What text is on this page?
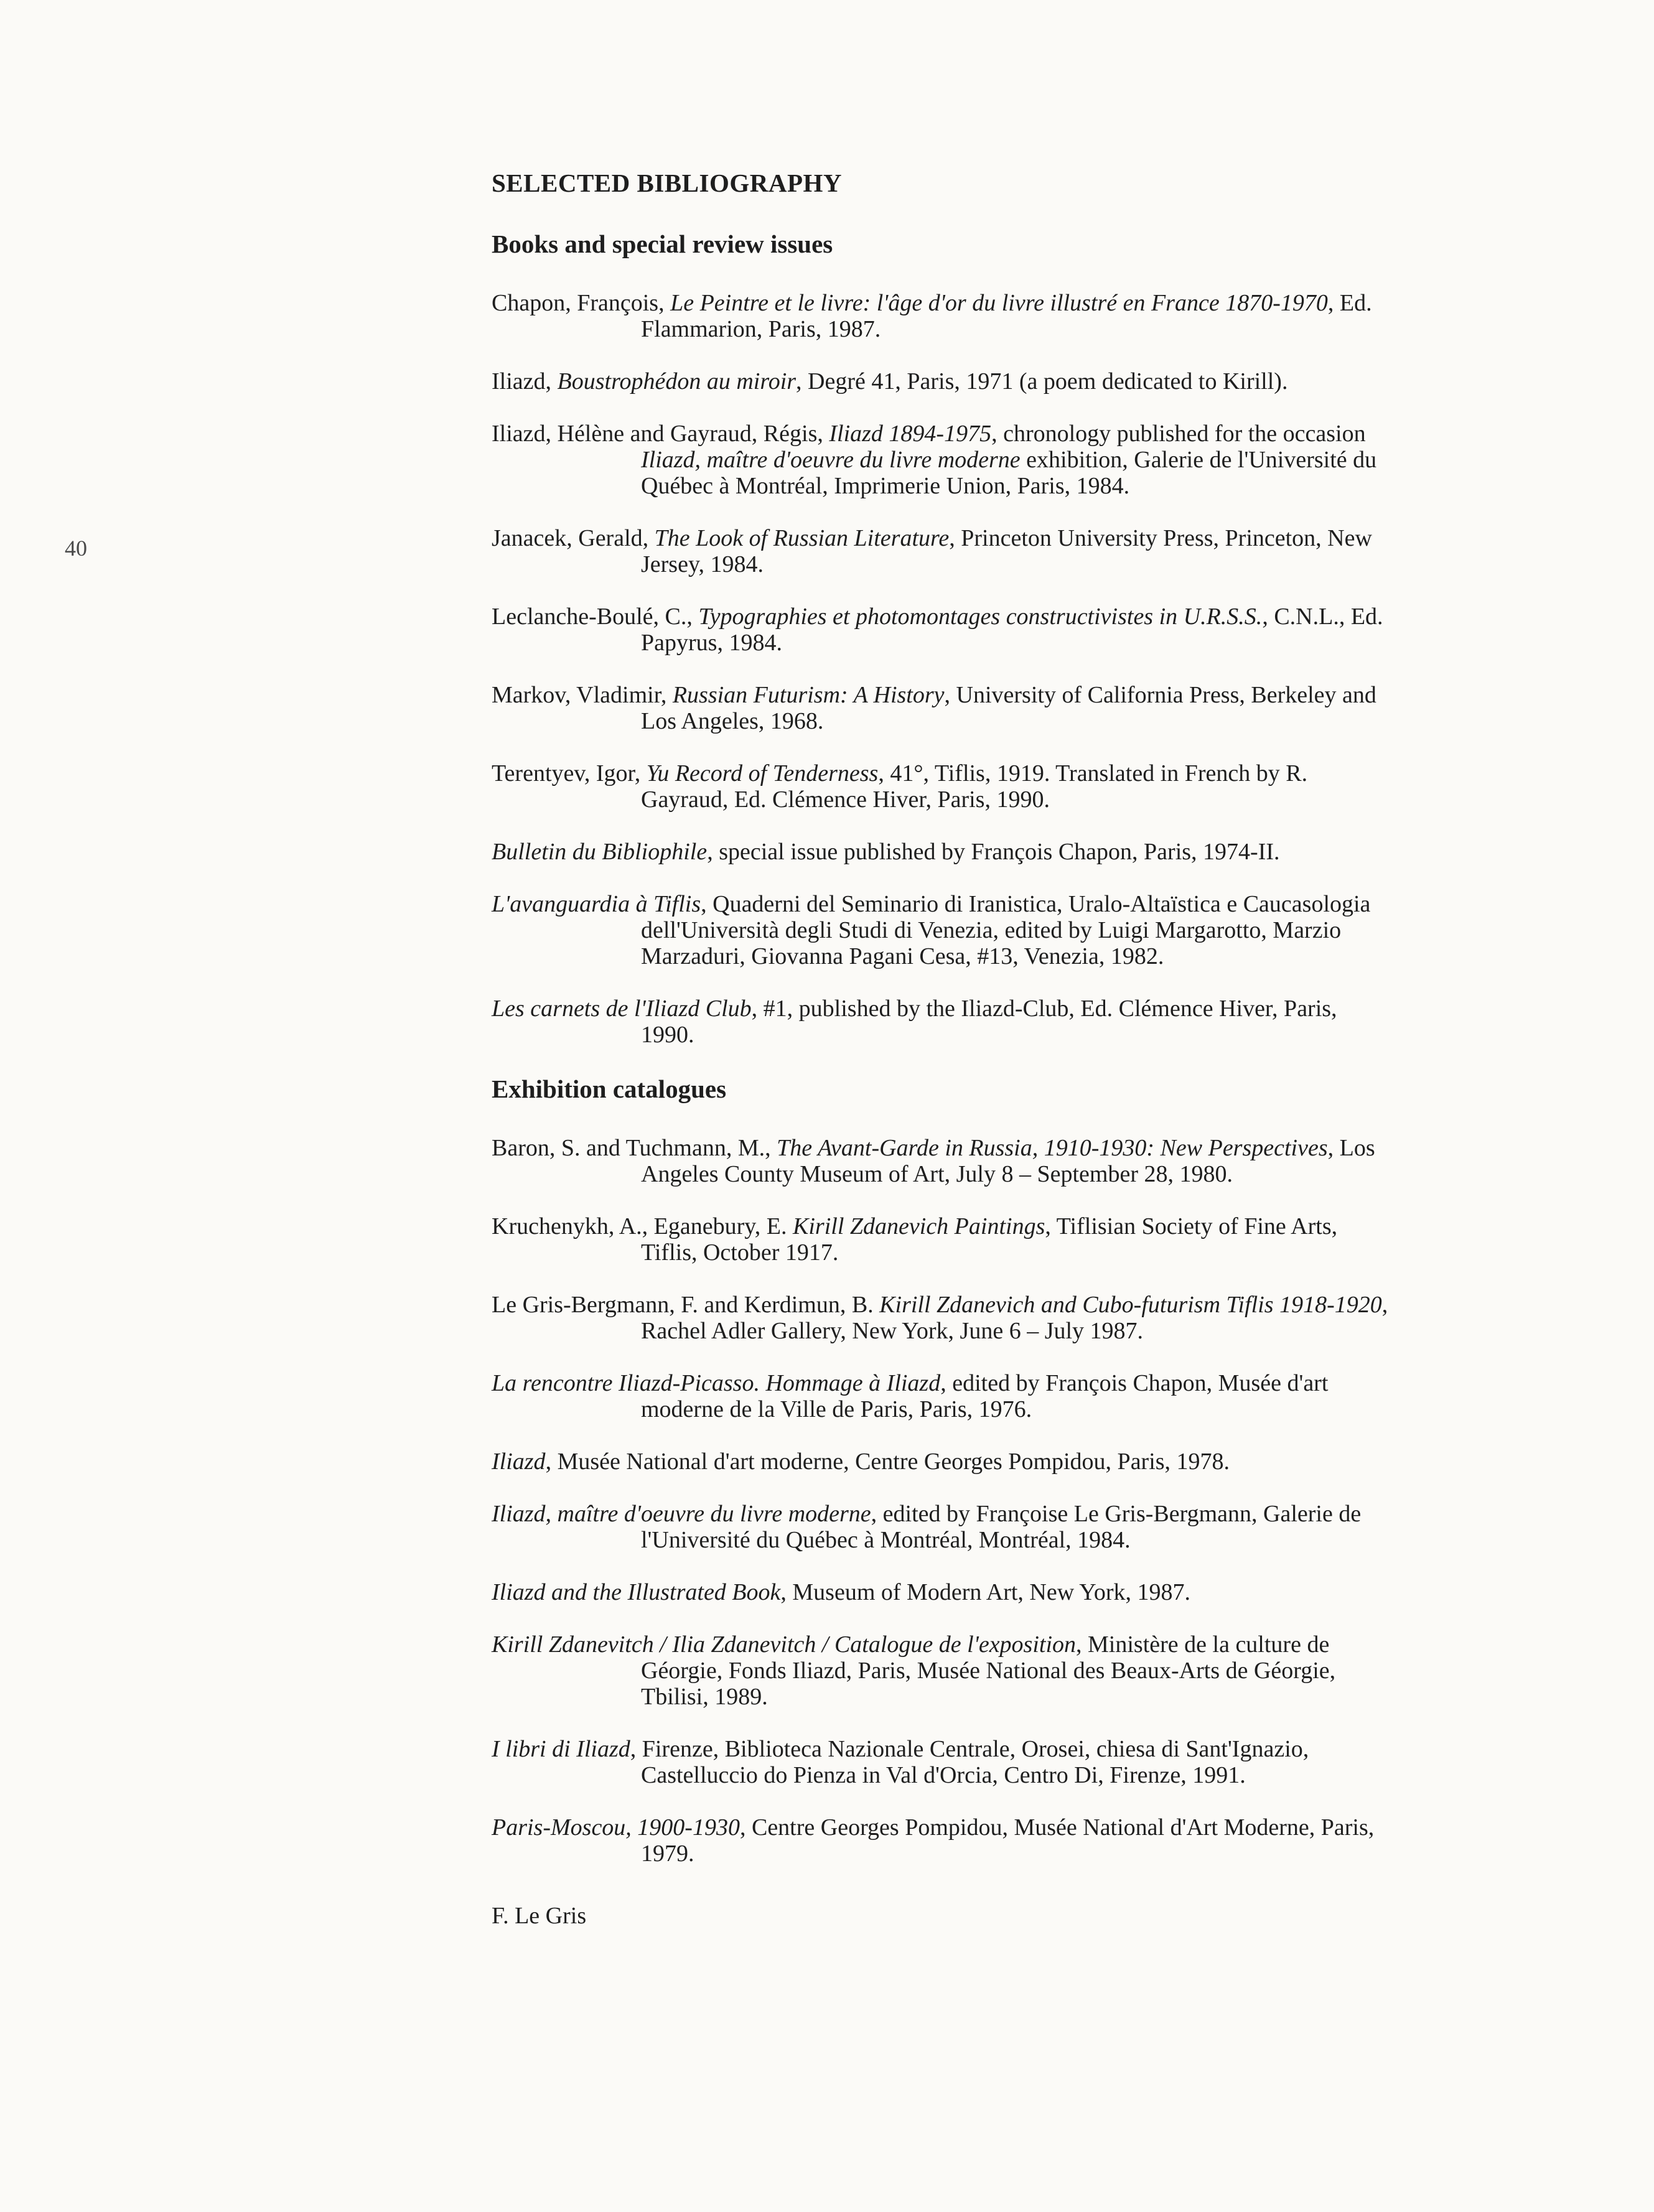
40
SELECTED BIBLIOGRAPHY
Books and special review issues
Chapon, François, Le Peintre et le livre: l'âge d'or du livre illustré en France 1870-1970, Ed. Flammarion, Paris, 1987.
Iliazd, Boustrophédon au miroir, Degré 41, Paris, 1971 (a poem dedicated to Kirill).
Iliazd, Hélène and Gayraud, Régis, Iliazd 1894-1975, chronology published for the occasion Iliazd, maître d'oeuvre du livre moderne exhibition, Galerie de l'Université du Québec à Montréal, Imprimerie Union, Paris, 1984.
Janacek, Gerald, The Look of Russian Literature, Princeton University Press, Princeton, New Jersey, 1984.
Leclanche-Boulé, C., Typographies et photomontages constructivistes in U.R.S.S., C.N.L., Ed. Papyrus, 1984.
Markov, Vladimir, Russian Futurism: A History, University of California Press, Berkeley and Los Angeles, 1968.
Terentyev, Igor, Yu Record of Tenderness, 41°, Tiflis, 1919. Translated in French by R. Gayraud, Ed. Clémence Hiver, Paris, 1990.
Bulletin du Bibliophile, special issue published by François Chapon, Paris, 1974-II.
L'avanguardia à Tiflis, Quaderni del Seminario di Iranistica, Uralo-Altaïstica e Caucasologia dell'Università degli Studi di Venezia, edited by Luigi Margarotto, Marzio Marzaduri, Giovanna Pagani Cesa, #13, Venezia, 1982.
Les carnets de l'Iliazd Club, #1, published by the Iliazd-Club, Ed. Clémence Hiver, Paris, 1990.
Exhibition catalogues
Baron, S. and Tuchmann, M., The Avant-Garde in Russia, 1910-1930: New Perspectives, Los Angeles County Museum of Art, July 8 – September 28, 1980.
Kruchenykh, A., Eganebury, E. Kirill Zdanevich Paintings, Tiflisian Society of Fine Arts, Tiflis, October 1917.
Le Gris-Bergmann, F. and Kerdimun, B. Kirill Zdanevich and Cubo-futurism Tiflis 1918-1920, Rachel Adler Gallery, New York, June 6 – July 1987.
La rencontre Iliazd-Picasso. Hommage à Iliazd, edited by François Chapon, Musée d'art moderne de la Ville de Paris, Paris, 1976.
Iliazd, Musée National d'art moderne, Centre Georges Pompidou, Paris, 1978.
Iliazd, maître d'oeuvre du livre moderne, edited by Françoise Le Gris-Bergmann, Galerie de l'Université du Québec à Montréal, Montréal, 1984.
Iliazd and the Illustrated Book, Museum of Modern Art, New York, 1987.
Kirill Zdanevitch / Ilia Zdanevitch / Catalogue de l'exposition, Ministère de la culture de Géorgie, Fonds Iliazd, Paris, Musée National des Beaux-Arts de Géorgie, Tbilisi, 1989.
I libri di Iliazd, Firenze, Biblioteca Nazionale Centrale, Orosei, chiesa di Sant'Ignazio, Castelluccio do Pienza in Val d'Orcia, Centro Di, Firenze, 1991.
Paris-Moscou, 1900-1930, Centre Georges Pompidou, Musée National d'Art Moderne, Paris, 1979.
F. Le Gris
